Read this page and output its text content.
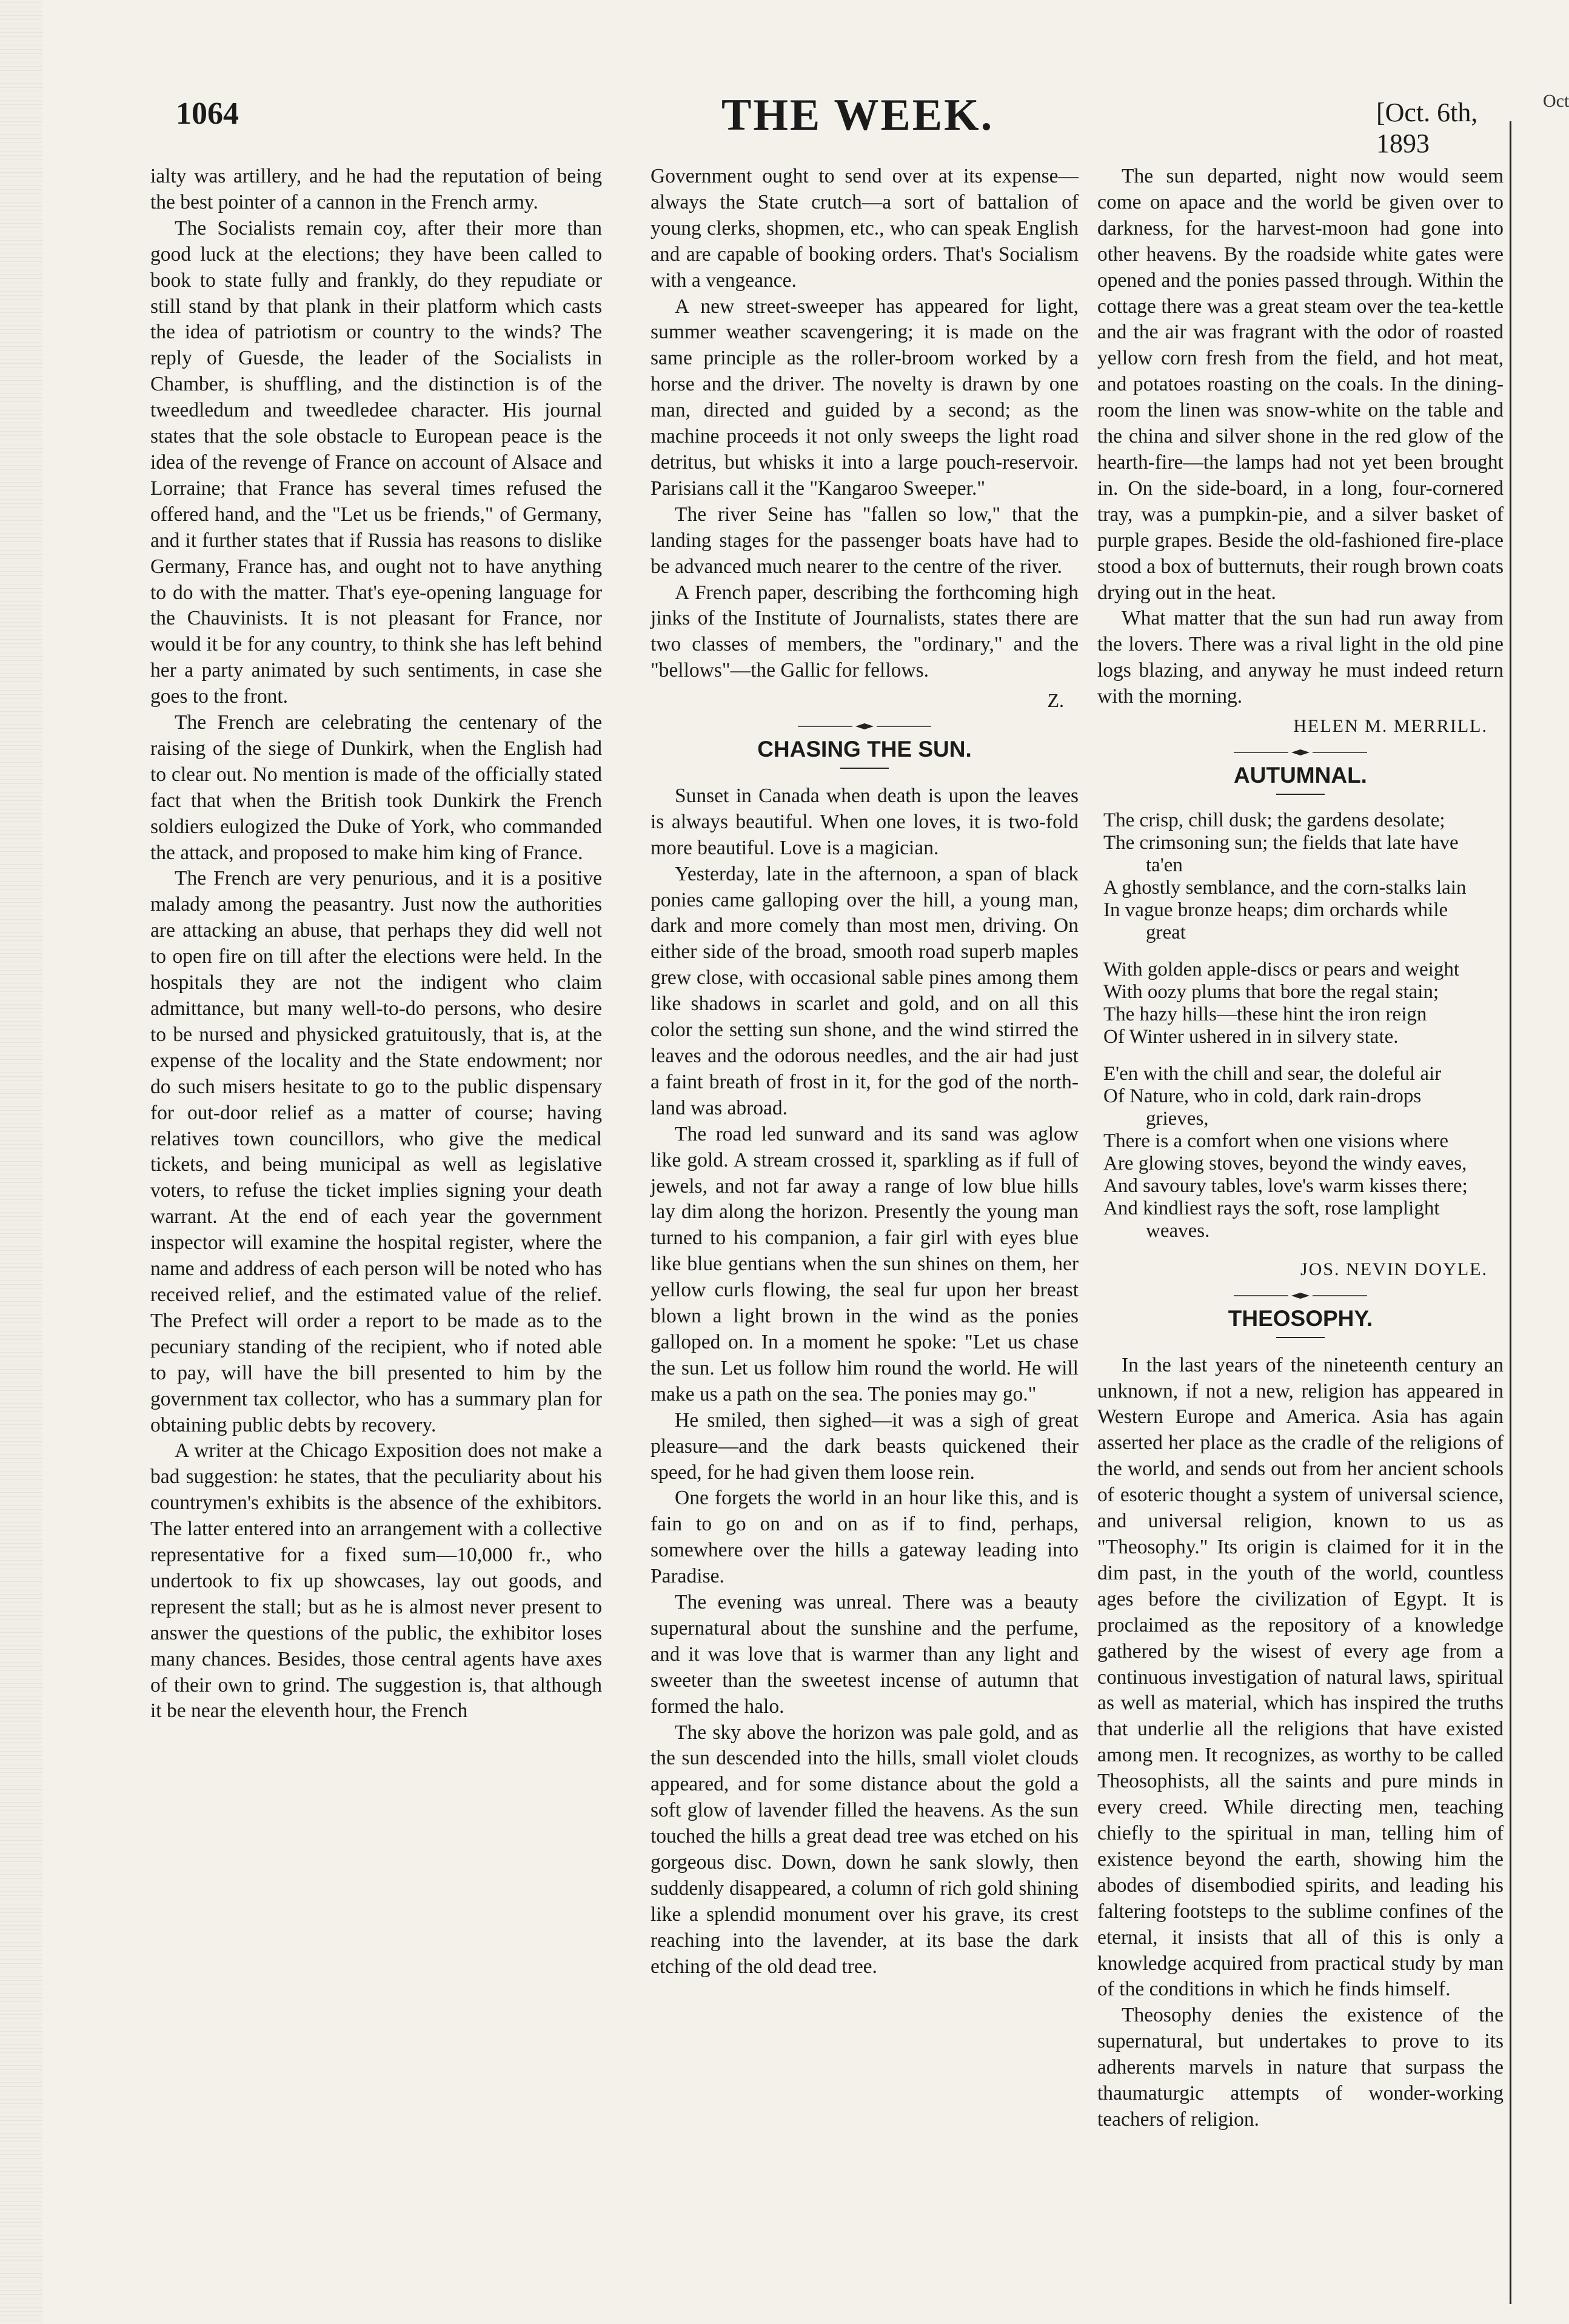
1064	THE WEEK.	[Oct. 6th, 1893
Oct

ialty was artillery, and he had the reputation of being the best pointer of a cannon in the French army.

The Socialists remain coy, after their more than good luck at the elections; they have been called to book to state fully and frankly, do they repudiate or still stand by that plank in their platform which casts the idea of patriotism or country to the winds? The reply of Guesde, the leader of the Socialists in Chamber, is shuffling, and the distinction is of the tweedledum and tweedledee character. His journal states that the sole obstacle to European peace is the idea of the revenge of France on account of Alsace and Lorraine; that France has several times refused the offered hand, and the "Let us be friends," of Germany, and it further states that if Russia has reasons to dislike Germany, France has, and ought not to have anything to do with the matter. That's eye-opening language for the Chauvinists. It is not pleasant for France, nor would it be for any country, to think she has left behind her a party animated by such sentiments, in case she goes to the front.

The French are celebrating the centenary of the raising of the siege of Dunkirk, when the English had to clear out. No mention is made of the officially stated fact that when the British took Dunkirk the French soldiers eulogized the Duke of York, who commanded the attack, and proposed to make him king of France.

The French are very penurious, and it is a positive malady among the peasantry. Just now the authorities are attacking an abuse, that perhaps they did well not to open fire on till after the elections were held. In the hospitals they are not the indigent who claim admittance, but many well-to-do persons, who desire to be nursed and physicked gratuitously, that is, at the expense of the locality and the State endowment; nor do such misers hesitate to go to the public dispensary for out-door relief as a matter of course; having relatives town councillors, who give the medical tickets, and being municipal as well as legislative voters, to refuse the ticket implies signing your death warrant. At the end of each year the government inspector will examine the hospital register, where the name and address of each person will be noted who has received relief, and the estimated value of the relief. The Prefect will order a report to be made as to the pecuniary standing of the recipient, who if noted able to pay, will have the bill presented to him by the government tax collector, who has a summary plan for obtaining public debts by recovery.

A writer at the Chicago Exposition does not make a bad suggestion: he states, that the peculiarity about his countrymen's exhibits is the absence of the exhibitors. The latter entered into an arrangement with a collective representative for a fixed sum—10,000 fr., who undertook to fix up showcases, lay out goods, and represent the stall; but as he is almost never present to answer the questions of the public, the exhibitor loses many chances. Besides, those central agents have axes of their own to grind. The suggestion is, that although it be near the eleventh hour, the French

Government ought to send over at its expense—always the State crutch—a sort of battalion of young clerks, shopmen, etc., who can speak English and are capable of booking orders. That's Socialism with a vengeance.

A new street-sweeper has appeared for light, summer weather scavengering; it is made on the same principle as the roller-broom worked by a horse and the driver. The novelty is drawn by one man, directed and guided by a second; as the machine proceeds it not only sweeps the light road detritus, but whisks it into a large pouch-reservoir. Parisians call it the "Kangaroo Sweeper."

The river Seine has "fallen so low," that the landing stages for the passenger boats have had to be advanced much nearer to the centre of the river.

A French paper, describing the forthcoming high jinks of the Institute of Journalists, states there are two classes of members, the "ordinary," and the "bellows"—the Gallic for fellows.

Z.
CHASING THE SUN.

Sunset in Canada when death is upon the leaves is always beautiful. When one loves, it is two-fold more beautiful. Love is a magician.

Yesterday, late in the afternoon, a span of black ponies came galloping over the hill, a young man, dark and more comely than most men, driving. On either side of the broad, smooth road superb maples grew close, with occasional sable pines among them like shadows in scarlet and gold, and on all this color the setting sun shone, and the wind stirred the leaves and the odorous needles, and the air had just a faint breath of frost in it, for the god of the north-land was abroad.

The road led sunward and its sand was aglow like gold. A stream crossed it, sparkling as if full of jewels, and not far away a range of low blue hills lay dim along the horizon. Presently the young man turned to his companion, a fair girl with eyes blue like blue gentians when the sun shines on them, her yellow curls flowing, the seal fur upon her breast blown a light brown in the wind as the ponies galloped on. In a moment he spoke: "Let us chase the sun. Let us follow him round the world. He will make us a path on the sea. The ponies may go."

He smiled, then sighed—it was a sigh of great pleasure—and the dark beasts quickened their speed, for he had given them loose rein.

One forgets the world in an hour like this, and is fain to go on and on as if to find, perhaps, somewhere over the hills a gateway leading into Paradise.

The evening was unreal. There was a beauty supernatural about the sunshine and the perfume, and it was love that is warmer than any light and sweeter than the sweetest incense of autumn that formed the halo.

The sky above the horizon was pale gold, and as the sun descended into the hills, small violet clouds appeared, and for some distance about the gold a soft glow of lavender filled the heavens. As the sun touched the hills a great dead tree was etched on his gorgeous disc. Down, down he sank slowly, then suddenly disappeared, a column of rich gold shining like a splendid monument over his grave, its crest reaching into the lavender, at its base the dark etching of the old dead tree.

The sun departed, night now would seem come on apace and the world be given over to darkness, for the harvest-moon had gone into other heavens. By the roadside white gates were opened and the ponies passed through. Within the cottage there was a great steam over the tea-kettle and the air was fragrant with the odor of roasted yellow corn fresh from the field, and hot meat, and potatoes roasting on the coals. In the dining-room the linen was snow-white on the table and the china and silver shone in the red glow of the hearth-fire—the lamps had not yet been brought in. On the side-board, in a long, four-cornered tray, was a pumpkin-pie, and a silver basket of purple grapes. Beside the old-fashioned fire-place stood a box of butternuts, their rough brown coats drying out in the heat.

What matter that the sun had run away from the lovers. There was a rival light in the old pine logs blazing, and anyway he must indeed return with the morning.

HELEN M. MERRILL.
AUTUMNAL.
The crisp, chill dusk; the gardens desolate;
The crimsoning sun; the fields that late have
ta'en
A ghostly semblance, and the corn-stalks lain
In vague bronze heaps; dim orchards while
great
With golden apple-discs or pears and weight
With oozy plums that bore the regal stain;
The hazy hills—these hint the iron reign
Of Winter ushered in in silvery state.
E'en with the chill and sear, the doleful air
Of Nature, who in cold, dark rain-drops
grieves,
There is a comfort when one visions where
Are glowing stoves, beyond the windy eaves,
And savoury tables, love's warm kisses there;
And kindliest rays the soft, rose lamplight
weaves.
JOS. NEVIN DOYLE.
THEOSOPHY.

In the last years of the nineteenth century an unknown, if not a new, religion has appeared in Western Europe and America. Asia has again asserted her place as the cradle of the religions of the world, and sends out from her ancient schools of esoteric thought a system of universal science, and universal religion, known to us as "Theosophy." Its origin is claimed for it in the dim past, in the youth of the world, countless ages before the civilization of Egypt. It is proclaimed as the repository of a knowledge gathered by the wisest of every age from a continuous investigation of natural laws, spiritual as well as material, which has inspired the truths that underlie all the religions that have existed among men. It recognizes, as worthy to be called Theosophists, all the saints and pure minds in every creed. While directing men, teaching chiefly to the spiritual in man, telling him of existence beyond the earth, showing him the abodes of disembodied spirits, and leading his faltering footsteps to the sublime confines of the eternal, it insists that all of this is only a knowledge acquired from practical study by man of the conditions in which he finds himself.

Theosophy denies the existence of the supernatural, but undertakes to prove to its adherents marvels in nature that surpass the thaumaturgic attempts of wonder-working teachers of religion.
